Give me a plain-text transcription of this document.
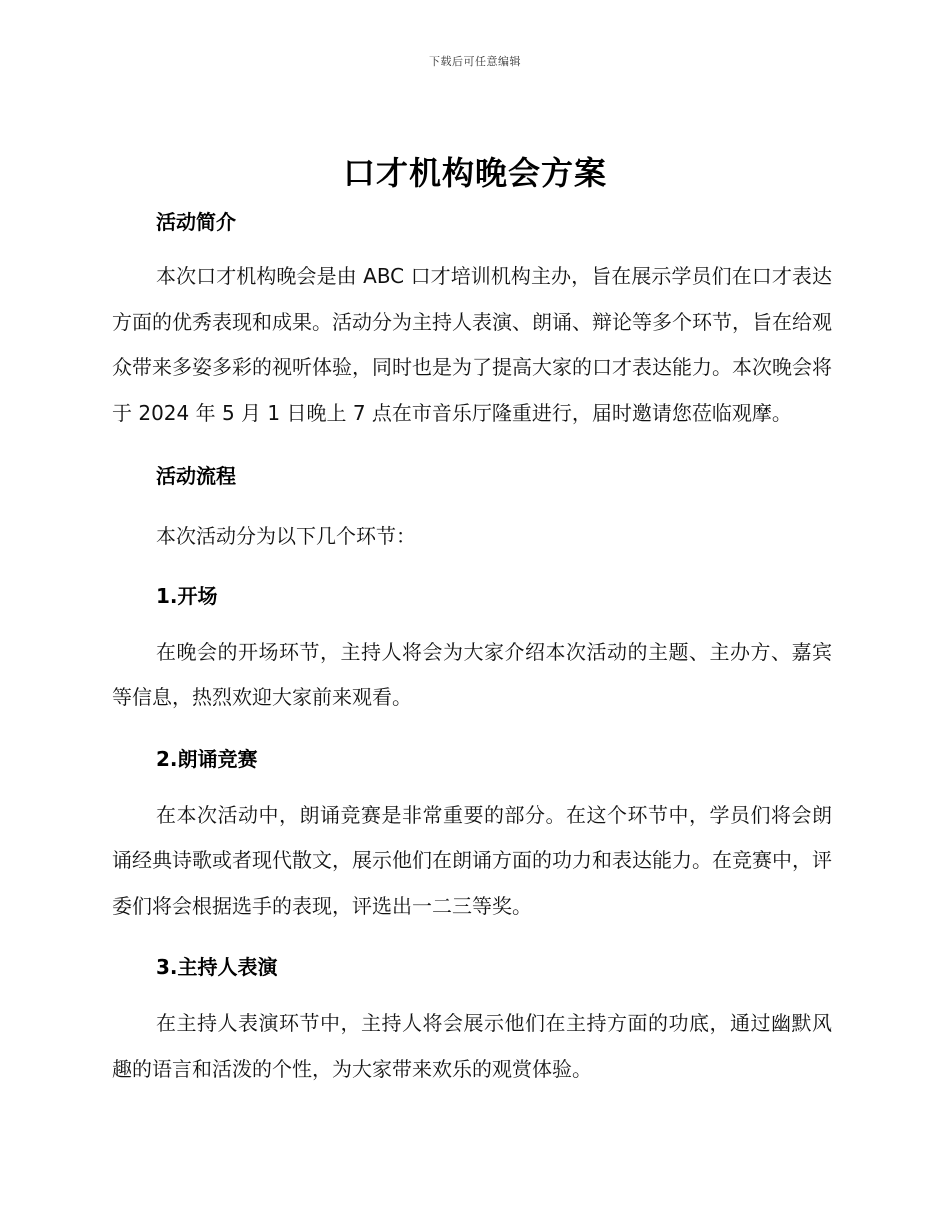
下载后可任意编辑
口才机构晚会方案

活动简介

本次口才机构晚会是由 ABC 口才培训机构主办，旨在展示学员们在口才表达方面的优秀表现和成果。活动分为主持人表演、朗诵、辩论等多个环节，旨在给观众带来多姿多彩的视听体验，同时也是为了提高大家的口才表达能力。本次晚会将于 2024 年 5 月 1 日晚上 7 点在市音乐厅隆重进行，届时邀请您莅临观摩。

活动流程

本次活动分为以下几个环节：

1.开场

在晚会的开场环节，主持人将会为大家介绍本次活动的主题、主办方、嘉宾等信息，热烈欢迎大家前来观看。

2.朗诵竞赛

在本次活动中，朗诵竞赛是非常重要的部分。在这个环节中，学员们将会朗诵经典诗歌或者现代散文，展示他们在朗诵方面的功力和表达能力。在竞赛中，评委们将会根据选手的表现，评选出一二三等奖。

3.主持人表演

在主持人表演环节中，主持人将会展示他们在主持方面的功底，通过幽默风趣的语言和活泼的个性，为大家带来欢乐的观赏体验。
